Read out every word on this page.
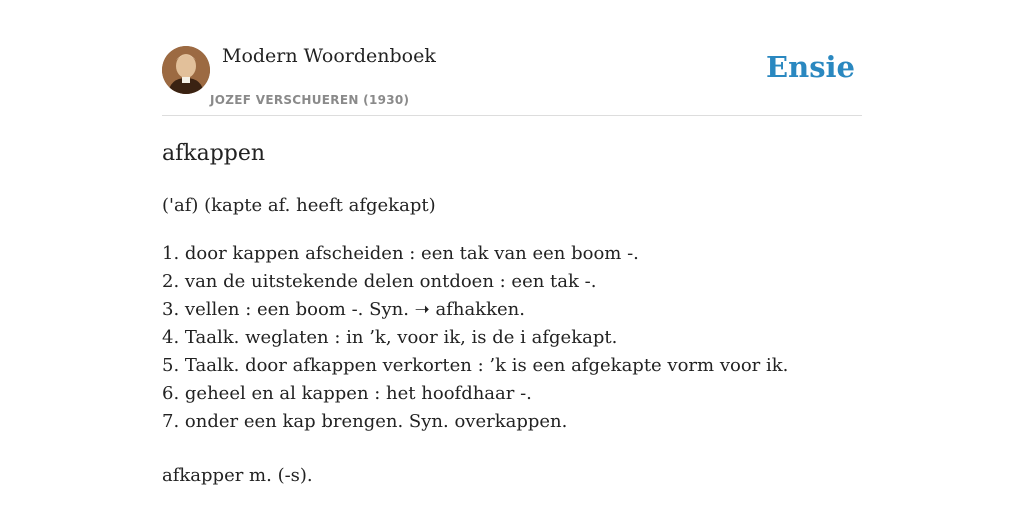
Modern Woordenboek
JOZEF VERSCHUEREN (1930)
Ensie
afkappen
('af) (kapte af. heeft afgekapt)
1. door kappen afscheiden : een tak van een boom -.
2. van de uitstekende delen ontdoen : een tak -.
3. vellen : een boom -. Syn. ➝ afhakken.
4. Taalk. weglaten : in ’k, voor ik, is de i afgekapt.
5. Taalk. door afkappen verkorten : ’k is een afgekapte vorm voor ik.
6. geheel en al kappen : het hoofdhaar -.
7. onder een kap brengen. Syn. overkappen.
afkapper m. (-s).
